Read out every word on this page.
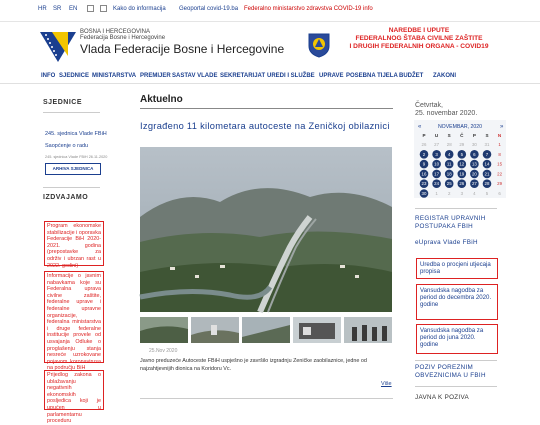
HR SR EN	Kako do informacija Geoportal covid-19.ba Federalno ministarstvo zdravstva COVID-19 info
BOSNA I HERCEGOVINA
Federacija Bosne i Hercegovine
Vlada Federacije Bosne i Hercegovine
NAREDBE I UPUTE
FEDERALNOG ŠTABA CIVILNE ZAŠTITE
I DRUGIH FEDERALNIH ORGANA - COVID19
INFO SJEDNICE MINISTARSTVA PREMIJER SASTAV VLADE SEKRETARIJAT UREDI I SLUŽBE UPRAVE POSEBNA TIJELA BUDŽET ZAKONI
SJEDNICE
245. sjednica Vlade FBiH
Saopćenje o radu
245. sjednica Vlade FBiH 26.11.2020
ARHIVA SJEDNICA
IZDVAJAMO
Program ekonomske stabilizacije i oporavka Federacije BiH 2020-2021. godina (prepostavke za održiv i ubrzan rast u 2022. godini)
Informacije o javnim nabavkama koje su Federalna uprava civilne zaštite, federalne uprave i federalne upravne organizacije, federalna ministarstva i druge federalne institucije provele od usvajanja Odluke o proglašenju stanja nesreće uzrokovane pojavom koronavirusa na području BiH
Prijedlog zakona o ublažavanju negativnih ekonomskih posljedica koji je upućen u parlamentarnu proceduru
Aktuelno
Izgrađeno 11 kilometara autoceste na Zeničkoj obilaznici
25.Nov 2020
Javno preduzeće Autoceste FBiH uspješno je završilo izgradnju Zeničke zaobilaznice, jedne od najzahtjevnijih dionica na Koridoru Vc.
Više
Četvrtak,
25. novembar 2020.
«	NOVEMBAR, 2020	»
P U S Č P S N
26 27 28 29 30 31 1
2 3 4 5 6 7 8
9 10 11 12 13 14 15
16 17 18 19 20 21 22
23 24 25 26 27 28 29
30 1 2 3 4 5 6
REGISTAR UPRAVNIH
POSTUPAKA FBIH
eUprava Vlade FBiH
Uredba o procjeni utjecaja propisa
Vansudska nagodba za period do decembra 2020. godine
Vansudska nagodba za period do juna 2020. godine
POZIV POREZNIM
OBVEZNICIMA U FBIH
JAVNA K POZIVA
